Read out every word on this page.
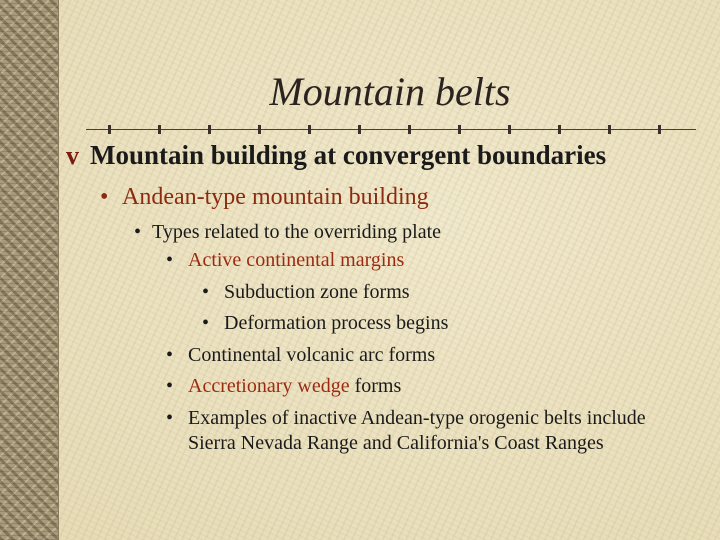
Mountain belts
v Mountain building at convergent boundaries
• Andean-type mountain building
• Types related to the overriding plate
• Active continental margins
• Subduction zone forms
• Deformation process begins
• Continental volcanic arc forms
• Accretionary wedge forms
• Examples of inactive Andean-type orogenic belts include Sierra Nevada Range and California's Coast Ranges
